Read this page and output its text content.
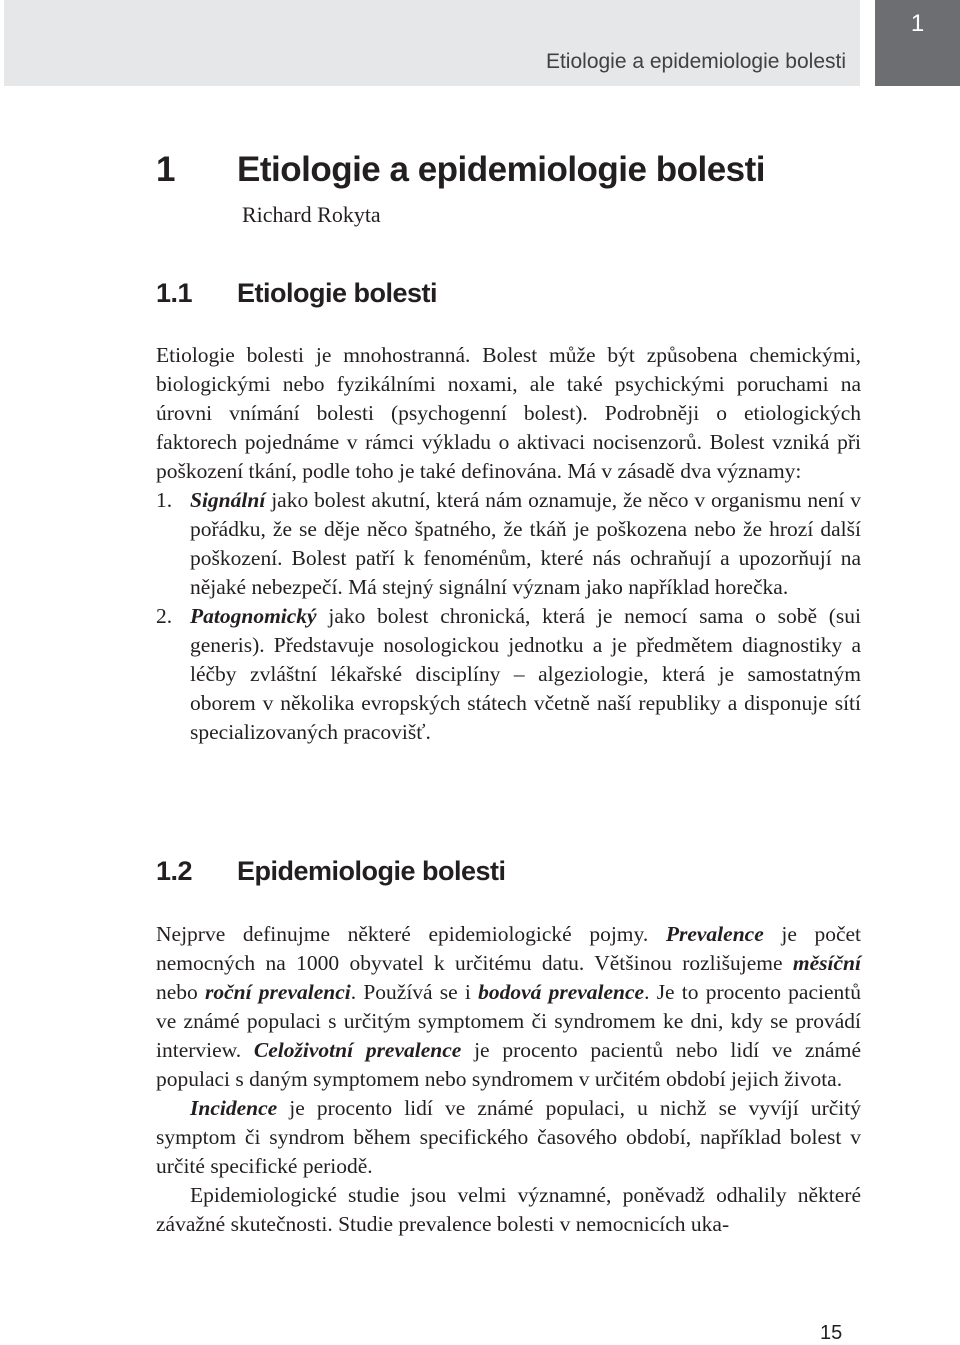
Etiologie a epidemiologie bolesti
1
1 Etiologie a epidemiologie bolesti
Richard Rokyta
1.1 Etiologie bolesti

Etiologie bolesti je mnohostranná. Bolest může být způsobena chemickými, biologickými nebo fyzikálními noxami, ale také psychickými poruchami na úrovni vnímání bolesti (psychogenní bolest). Podrobněji o etiologických faktorech pojednáme v rámci výkladu o aktivaci nocisenzorů. Bolest vzniká při poškození tkání, podle toho je také definována. Má v zásadě dva významy:

1. Signální jako bolest akutní, která nám oznamuje, že něco v organismu není v pořádku, že se děje něco špatného, že tkáň je poškozena nebo že hrozí další poškození. Bolest patří k fenoménům, které nás ochraňují a upozorňují na nějaké nebezpečí. Má stejný signální význam jako například horečka.
2. Patognomický jako bolest chronická, která je nemocí sama o sobě (sui generis). Představuje nosologickou jednotku a je předmětem diagnostiky a léčby zvláštní lékařské disciplíny – algeziologie, která je samostatným oborem v několika evropských státech včetně naší republiky a disponuje sítí specializovaných pracovišť.
1.2 Epidemiologie bolesti

Nejprve definujme některé epidemiologické pojmy. Prevalence je počet nemocných na 1000 obyvatel k určitému datu. Většinou rozlišujeme měsíční nebo roční prevalenci. Používá se i bodová prevalence. Je to procento pacientů ve známé populaci s určitým symptomem či syndromem ke dni, kdy se provádí interview. Celoživotní prevalence je procento pacientů nebo lidí ve známé populaci s daným symptomem nebo syndromem v určitém období jejich života.

Incidence je procento lidí ve známé populaci, u nichž se vyvíjí určitý symptom či syndrom během specifického časového období, například bolest v určité specifické periodě.

Epidemiologické studie jsou velmi významné, poněvadž odhalily některé závažné skutečnosti. Studie prevalence bolesti v nemocnicích uka-

15
